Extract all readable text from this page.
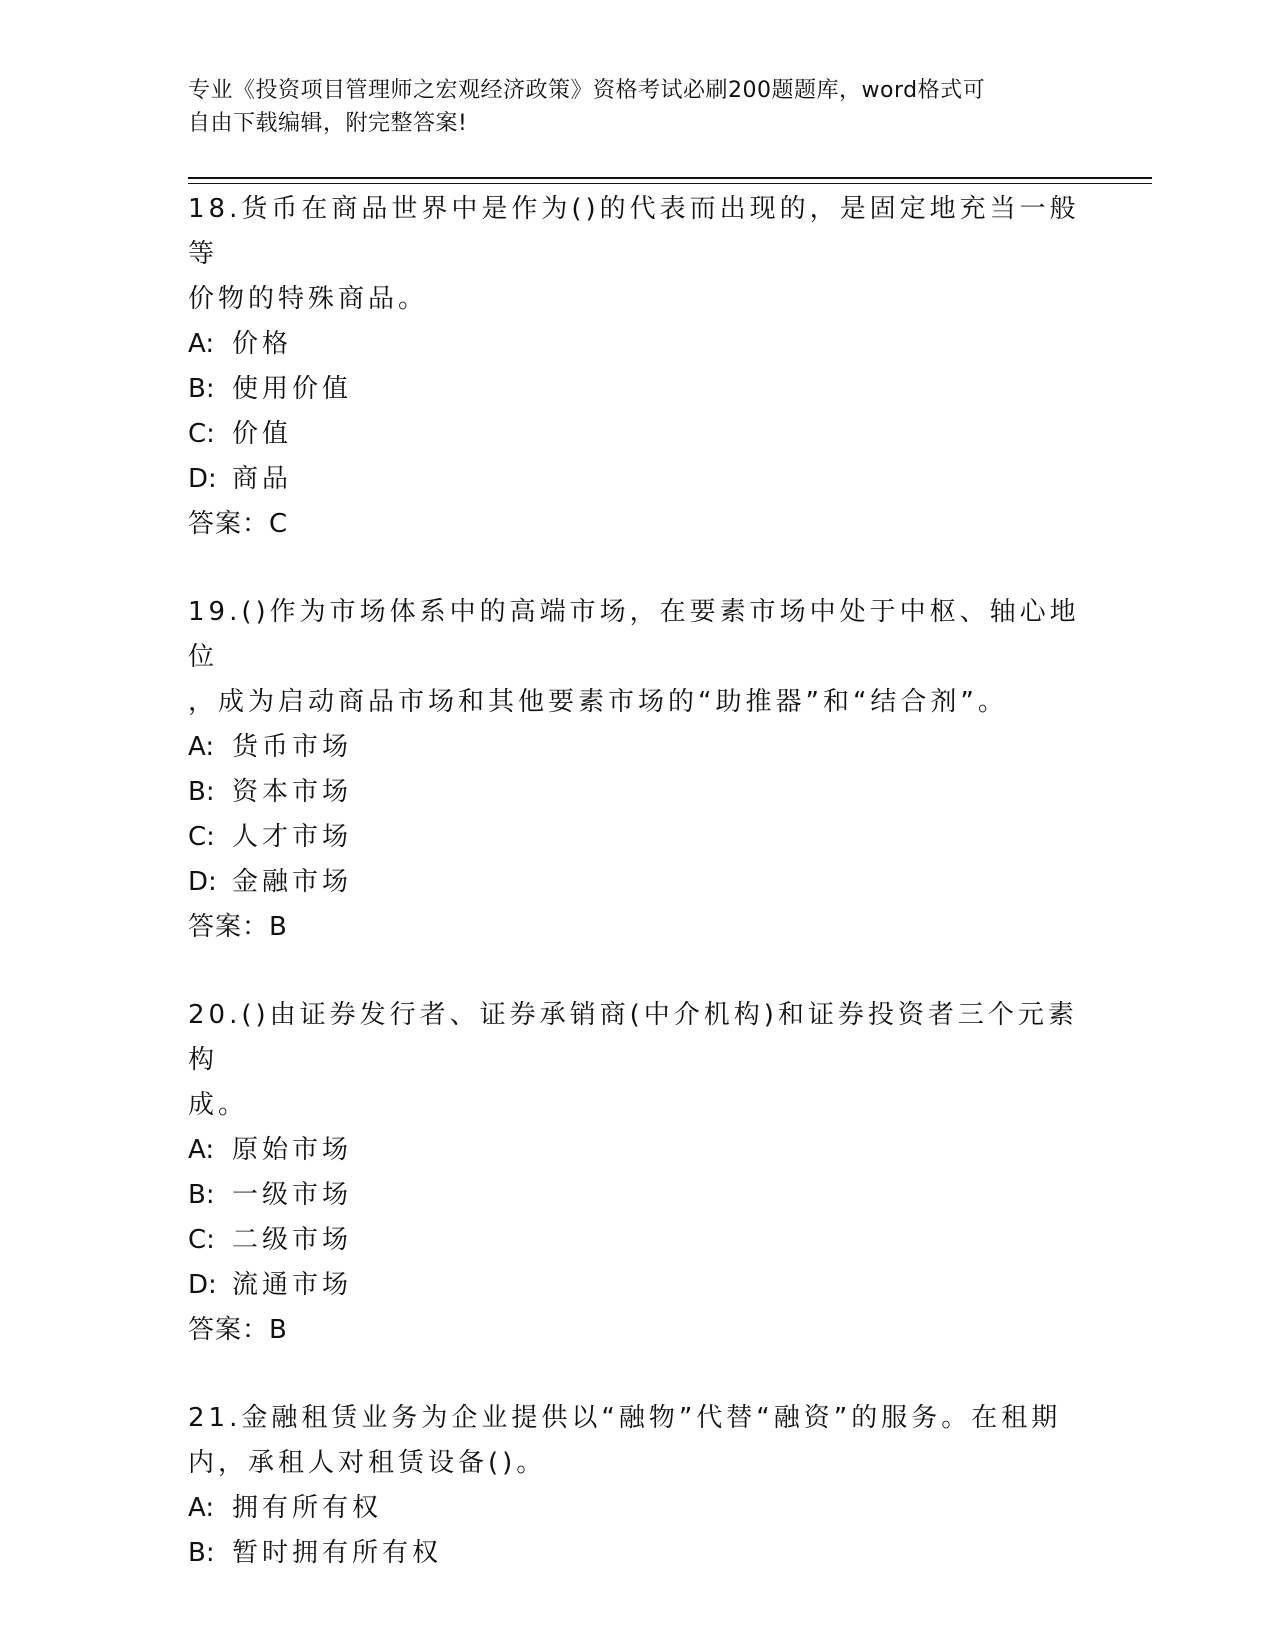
专业《投资项目管理师之宏观经济政策》资格考试必刷200题题库，word格式可
自由下载编辑，附完整答案!

18.货币在商品世界中是作为()的代表而出现的，是固定地充当一般等

价物的特殊商品。

A: 价格

B: 使用价值

C: 价值

D: 商品

答案：C

19.()作为市场体系中的高端市场，在要素市场中处于中枢、轴心地位

，成为启动商品市场和其他要素市场的“助推器”和“结合剂”。

A: 货币市场

B: 资本市场

C: 人才市场

D: 金融市场

答案：B

20.()由证券发行者、证券承销商(中介机构)和证券投资者三个元素构

成。

A: 原始市场

B: 一级市场

C: 二级市场

D: 流通市场

答案：B

21.金融租赁业务为企业提供以“融物”代替“融资”的服务。在租期

内，承租人对租赁设备()。

A: 拥有所有权

B: 暂时拥有所有权
